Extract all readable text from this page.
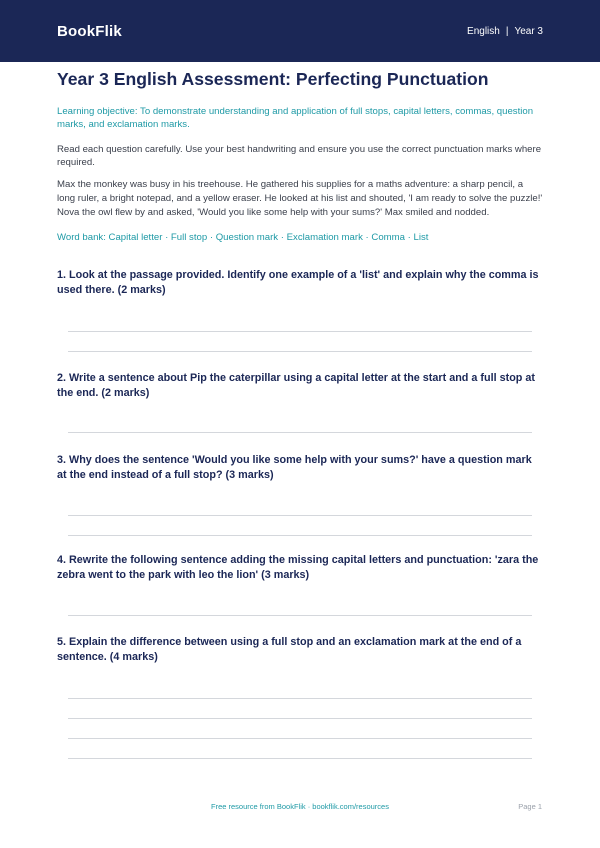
BookFlik	English | Year 3
Year 3 English Assessment: Perfecting Punctuation

Learning objective: To demonstrate understanding and application of full stops, capital letters, commas, question marks, and exclamation marks.

Read each question carefully. Use your best handwriting and ensure you use the correct punctuation marks where required.

Max the monkey was busy in his treehouse. He gathered his supplies for a maths adventure: a sharp pencil, a long ruler, a bright notepad, and a yellow eraser. He looked at his list and shouted, 'I am ready to solve the puzzle!' Nova the owl flew by and asked, 'Would you like some help with your sums?' Max smiled and nodded.

Word bank: Capital letter · Full stop · Question mark · Exclamation mark · Comma · List

1. Look at the passage provided. Identify one example of a 'list' and explain why the comma is used there. (2 marks)
2. Write a sentence about Pip the caterpillar using a capital letter at the start and a full stop at the end. (2 marks)
3. Why does the sentence 'Would you like some help with your sums?' have a question mark at the end instead of a full stop? (3 marks)
4. Rewrite the following sentence adding the missing capital letters and punctuation: 'zara the zebra went to the park with leo the lion' (3 marks)
5. Explain the difference between using a full stop and an exclamation mark at the end of a sentence. (4 marks)
Free resource from BookFlik · bookflik.com/resources	Page 1
